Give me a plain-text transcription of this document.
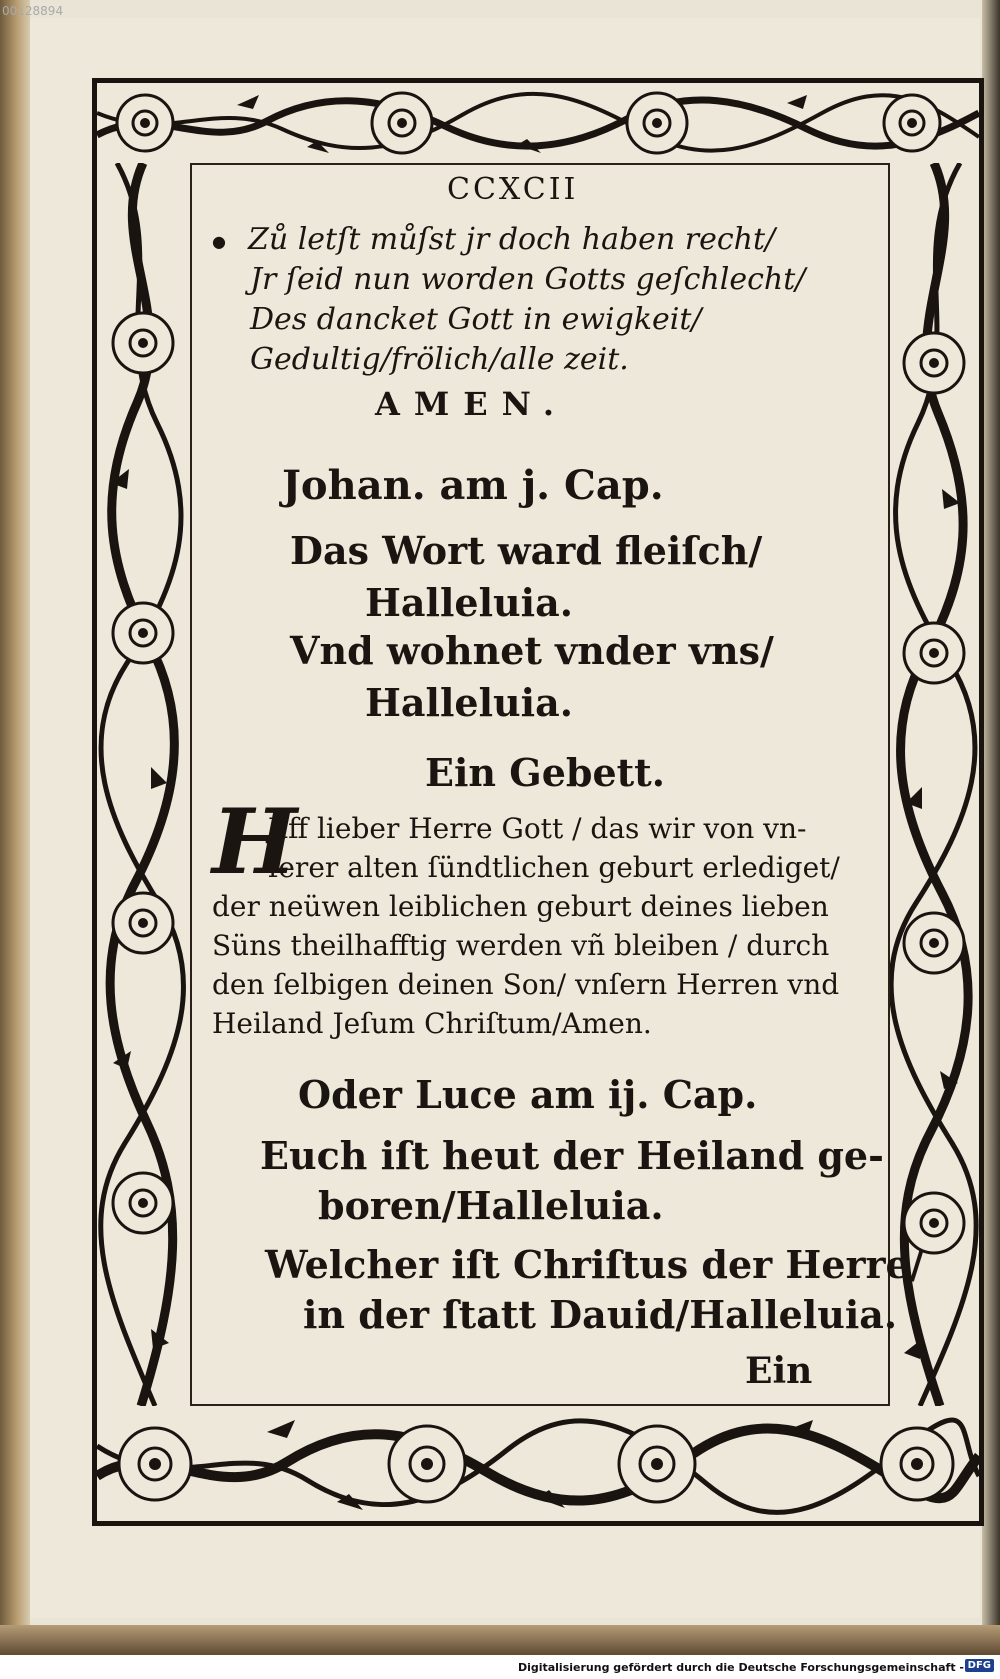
CCXCII
● Zů letſt můſst jr doch haben recht/
Jr ſeid nun worden Gotts geſchlecht/
Des dancket Gott in ewigkeit/
Gedultig/frölich/alle zeit.
AMEN.
Johan. am j. Cap.
Das Wort ward fleiſch/
Halleluia.
Vnd wohnet vnder vns/
Halleluia.
Ein Gebett.
H
Jlff lieber Herre Gott / das wir von vn-
ſerer alten ſündtlichen geburt erlediget/
der neüwen leiblichen geburt deines lieben
Süns theilhafftig werden vñ bleiben / durch
den ſelbigen deinen Son/ vnſern Herren vnd
Heiland Jeſum Chriſtum/Amen.
Oder Luce am ij. Cap.
Euch iſt heut der Heiland ge-
boren/Halleluia.
Welcher iſt Chriſtus der Herre/
in der ſtatt Dauid/Halleluia.
Ein
00128894
Digitalisierung gefördert durch die Deutsche Forschungsgemeinschaft - DFG
